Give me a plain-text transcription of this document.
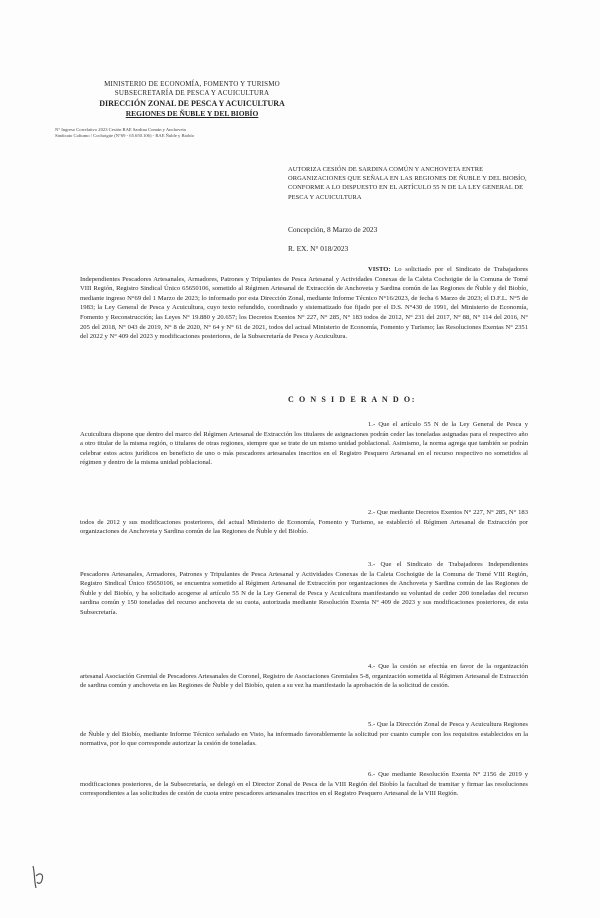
MINISTERIO DE ECONOMÍA, FOMENTO Y TURISMO
SUBSECRETARÍA DE PESCA Y ACUICULTURA
DIRECCIÓN ZONAL DE PESCA Y ACUICULTURA
REGIONES DE ÑUBLE Y DEL BIOBÍO
N° Ingreso Correlativo 2023 Cesión RAE Sardina Común y Anchoveta
Sindicato Coliumo / Cochoigüe (N°69 - 65.650.106) - RAE Ñuble y Biobío
AUTORIZA CESIÓN DE SARDINA COMÚN Y ANCHOVETA ENTRE ORGANIZACIONES QUE SEÑALA EN LAS REGIONES DE ÑUBLE Y DEL BIOBÍO, CONFORME A LO DISPUESTO EN EL ARTÍCULO 55 N DE LA LEY GENERAL DE PESCA Y ACUICULTURA
Concepción, 8 Marzo de 2023
R. EX. N° 018/2023
VISTO: Lo solicitado por el Sindicato de Trabajadores Independientes Pescadores Artesanales, Armadores, Patrones y Tripulantes de Pesca Artesanal y Actividades Conexas de la Caleta Cochoigüe de la Comuna de Tomé VIII Región, Registro Sindical Único 65650106, sometido al Régimen Artesanal de Extracción de Anchoveta y Sardina común de las Regiones de Ñuble y del Biobío, mediante ingreso N°69 del 1 Marzo de 2023; lo informado por esta Dirección Zonal, mediante Informe Técnico N°16/2023, de fecha 6 Marzo de 2023; el D.F.L. N°5 de 1983; la Ley General de Pesca y Acuicultura, cuyo texto refundido, coordinado y sistematizado fue fijado por el D.S. N°430 de 1991, del Ministerio de Economía, Fomento y Reconstrucción; las Leyes N° 19.880 y 20.657; los Decretos Exentos N° 227, N° 285, N° 183 todos de 2012, N° 231 del 2017, N° 88, N° 114 del 2016, N° 205 del 2018, N° 043 de 2019, N° 8 de 2020, N° 64 y N° 61 de 2021, todos del actual Ministerio de Economía, Fomento y Turismo; las Resoluciones Exentas N° 2351 del 2022 y N° 409 del 2023 y modificaciones posteriores, de la Subsecretaría de Pesca y Acuicultura.
C O N S I D E R A N D O:
1.- Que el artículo 55 N de la Ley General de Pesca y Acuicultura dispone que dentro del marco del Régimen Artesanal de Extracción los titulares de asignaciones podrán ceder las toneladas asignadas para el respectivo año a otro titular de la misma región, o titulares de otras regiones, siempre que se trate de un mismo unidad poblacional. Asimismo, la norma agrega que también se podrán celebrar estos actos jurídicos en beneficio de uno o más pescadores artesanales inscritos en el Registro Pesquero Artesanal en el recurso respectivo no sometidos al régimen y dentro de la misma unidad poblacional.
2.- Que mediante Decretos Exentos N° 227, N° 285, N° 183 todos de 2012 y sus modificaciones posteriores, del actual Ministerio de Economía, Fomento y Turismo, se estableció el Régimen Artesanal de Extracción por organizaciones de Anchoveta y Sardina común de las Regiones de Ñuble y del Biobío.
3.- Que el Sindicato de Trabajadores Independientes Pescadores Artesanales, Armadores, Patrones y Tripulantes de Pesca Artesanal y Actividades Conexas de la Caleta Cochoigüe de la Comuna de Tomé VIII Región, Registro Sindical Único 65650106, se encuentra sometido al Régimen Artesanal de Extracción por organizaciones de Anchoveta y Sardina común de las Regiones de Ñuble y del Biobío, y ha solicitado acogerse al artículo 55 N de la Ley General de Pesca y Acuicultura manifestando su voluntad de ceder 200 toneladas del recurso sardina común y 150 toneladas del recurso anchoveta de su cuota, autorizada mediante Resolución Exenta N° 409 de 2023 y sus modificaciones posteriores, de esta Subsecretaría.
4.- Que la cesión se efectúa en favor de la organización artesanal Asociación Gremial de Pescadores Artesanales de Coronel, Registro de Asociaciones Gremiales 5-8, organización sometida al Régimen Artesanal de Extracción de sardina común y anchoveta en las Regiones de Ñuble y del Biobío, quien a su vez ha manifestado la aprobación de la solicitud de cesión.
5.- Que la Dirección Zonal de Pesca y Acuicultura Regiones de Ñuble y del Biobío, mediante Informe Técnico señalado en Visto, ha informado favorablemente la solicitud por cuanto cumple con los requisitos establecidos en la normativa, por lo que corresponde autorizar la cesión de toneladas.
6.- Que mediante Resolución Exenta N° 2156 de 2019 y modificaciones posteriores, de la Subsecretaría, se delegó en el Director Zonal de Pesca de la VIII Región del Biobío la facultad de tramitar y firmar las resoluciones correspondientes a las solicitudes de cesión de cuota entre pescadores artesanales inscritos en el Registro Pesquero Artesanal de la VIII Región.
